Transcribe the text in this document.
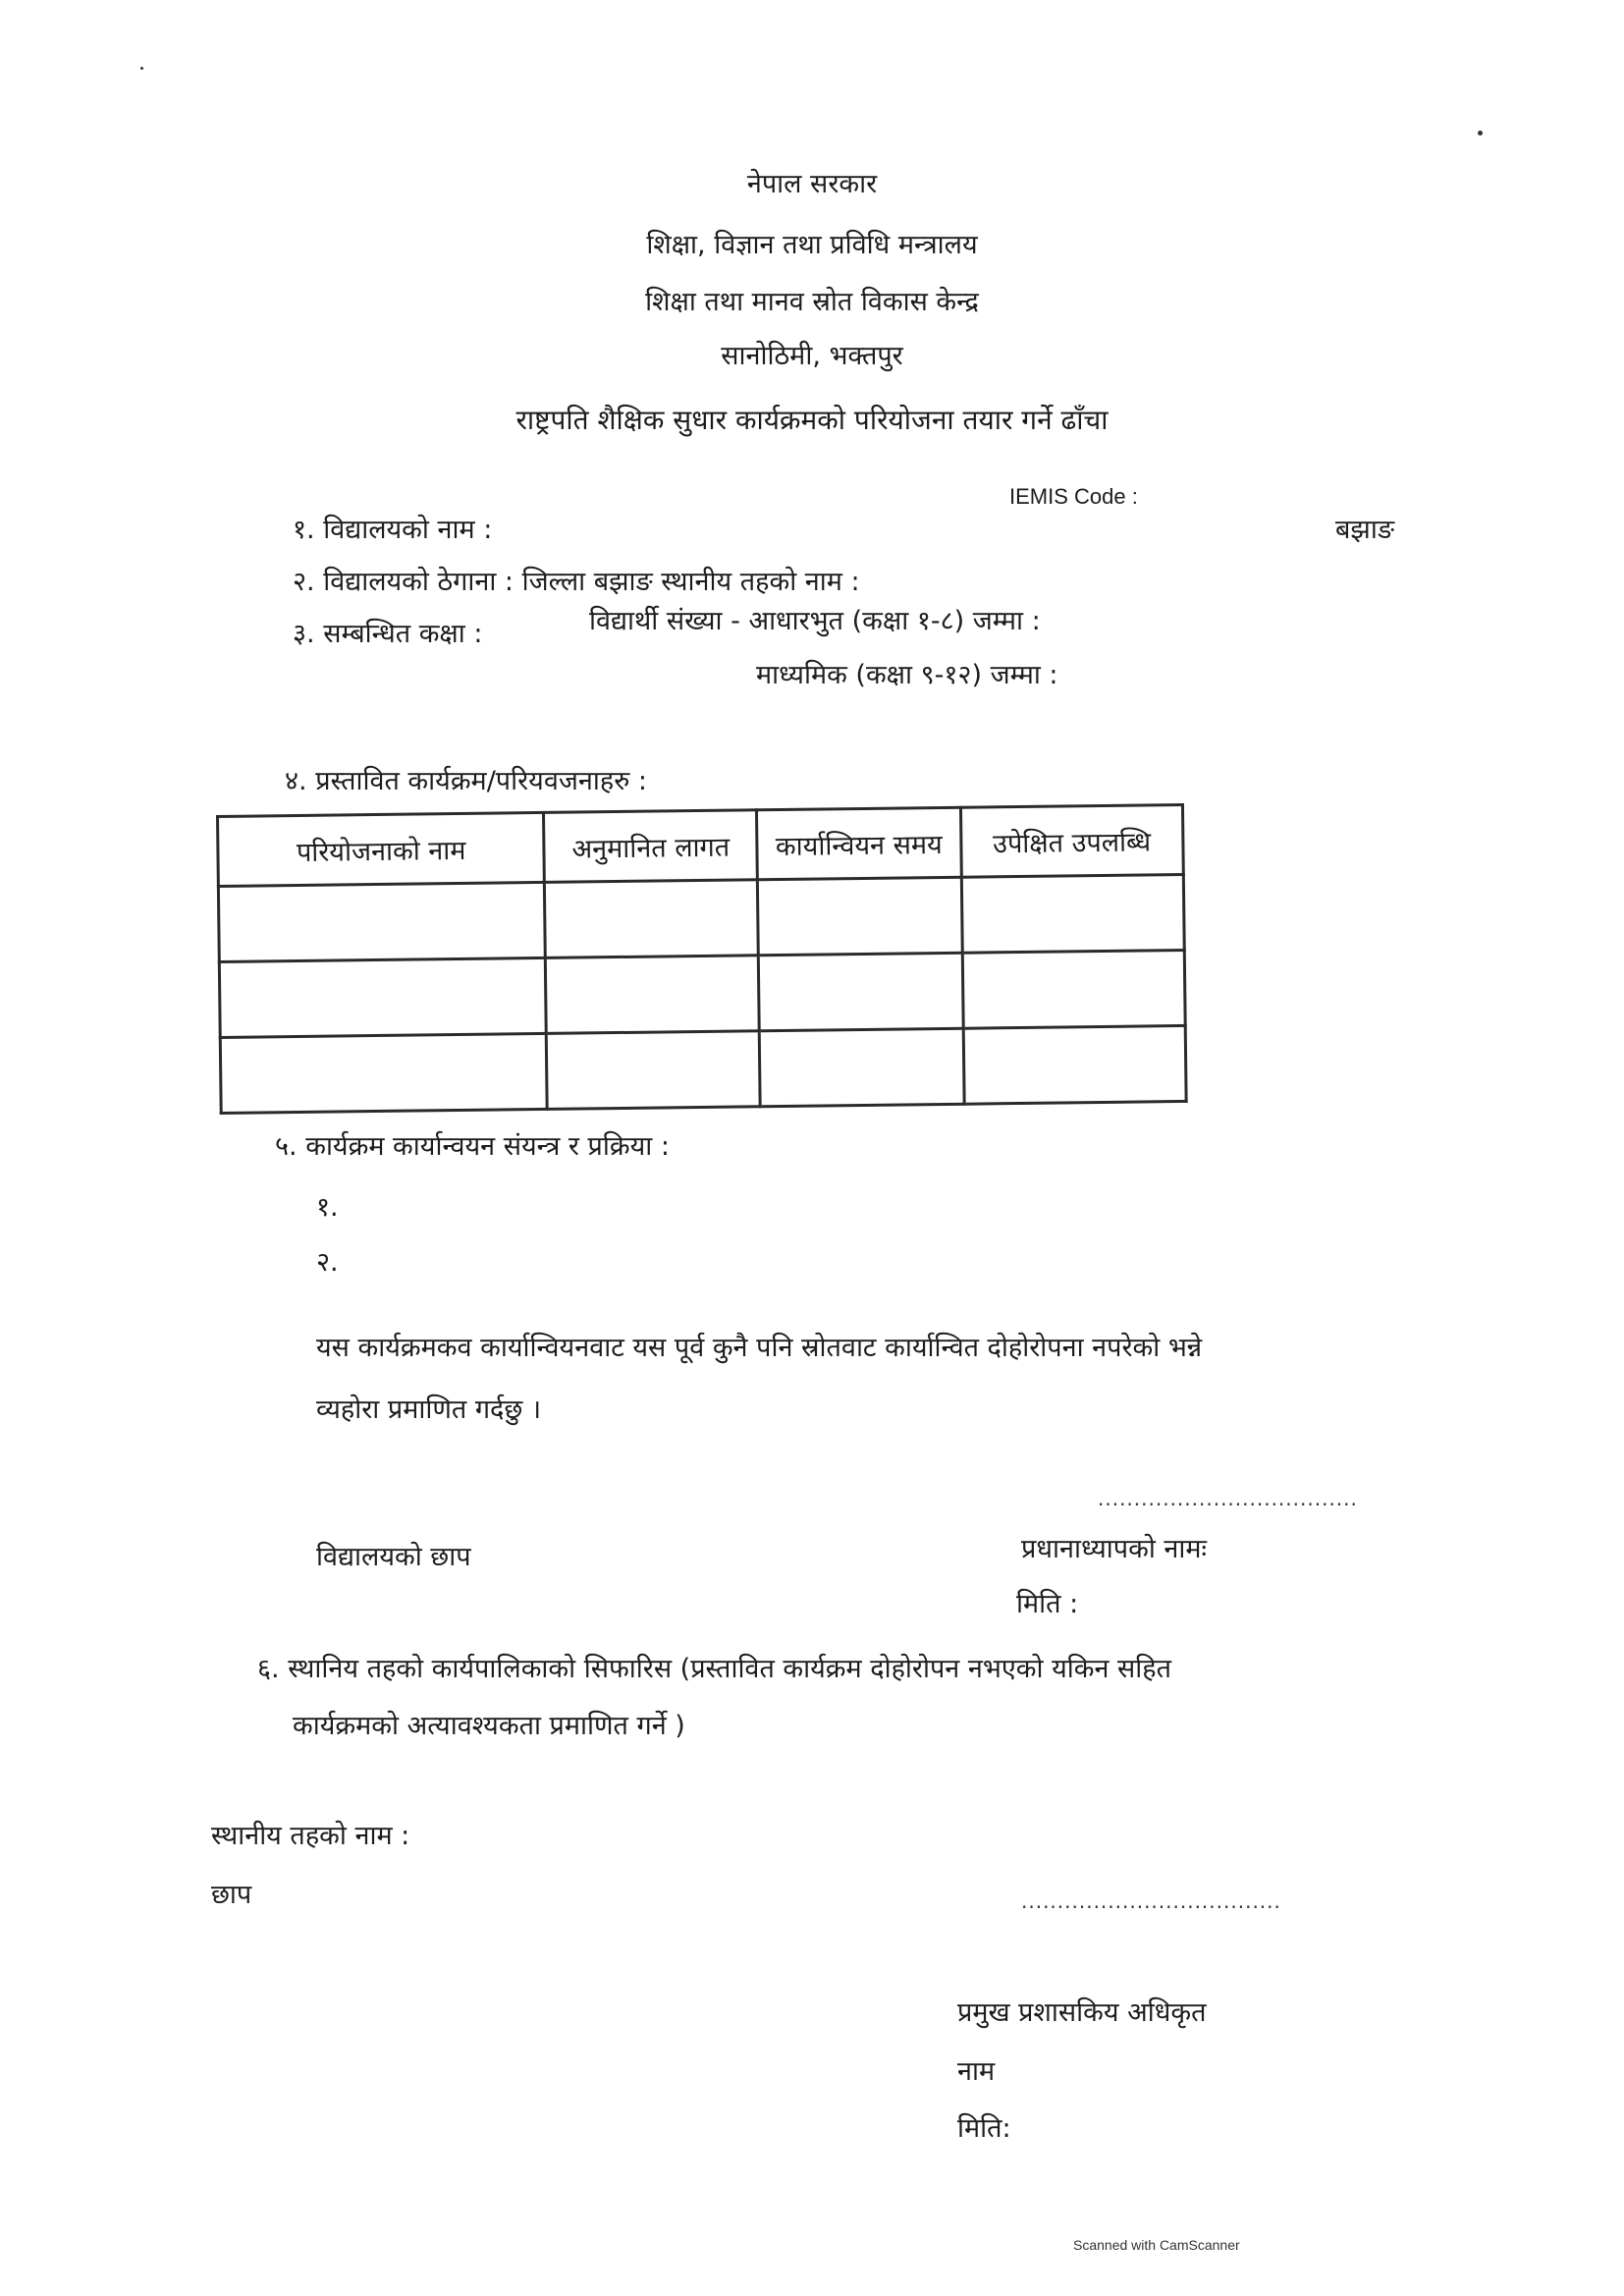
नेपाल सरकार
शिक्षा, विज्ञान तथा प्रविधि मन्त्रालय
शिक्षा तथा मानव स्रोत विकास केन्द्र
सानोठिमी, भक्तपुर
राष्ट्रपति शैक्षिक सुधार कार्यक्रमको परियोजना तयार गर्ने ढाँचा
IEMIS Code :
बझाङ
१. विद्यालयको नाम :
२. विद्यालयको ठेगाना : जिल्ला बझाङ स्थानीय तहको नाम :
३. सम्बन्धित कक्षा :	विद्यार्थी संख्या - आधारभुत (कक्षा १-८) जम्मा :
माध्यमिक (कक्षा ९-१२) जम्मा :
४. प्रस्तावित कार्यक्रम/परियवजनाहरु :
परियोजनाको नाम	अनुमानित लागत	कार्यान्वियन समय	उपेक्षित उपलब्धि

५. कार्यक्रम कार्यान्वयन संयन्त्र र प्रक्रिया :
१.
२.
यस कार्यक्रमकव कार्यान्वियनवाट यस पूर्व कुनै पनि स्रोतवाट कार्यान्वित दोहोरोपना नपरेको भन्ने
व्यहोरा प्रमाणित गर्दछु ।
....................................
विद्यालयको छाप	प्रधानाध्यापको नामः
मिति :
६. स्थानिय तहको कार्यपालिकाको सिफारिस (प्रस्तावित कार्यक्रम दोहोरोपन नभएको यकिन सहित
कार्यक्रमको अत्यावश्यकता प्रमाणित गर्ने )
स्थानीय तहको नाम :
छाप	....................................
प्रमुख प्रशासकिय अधिकृत
नाम
मिति:
Scanned with CamScanner
